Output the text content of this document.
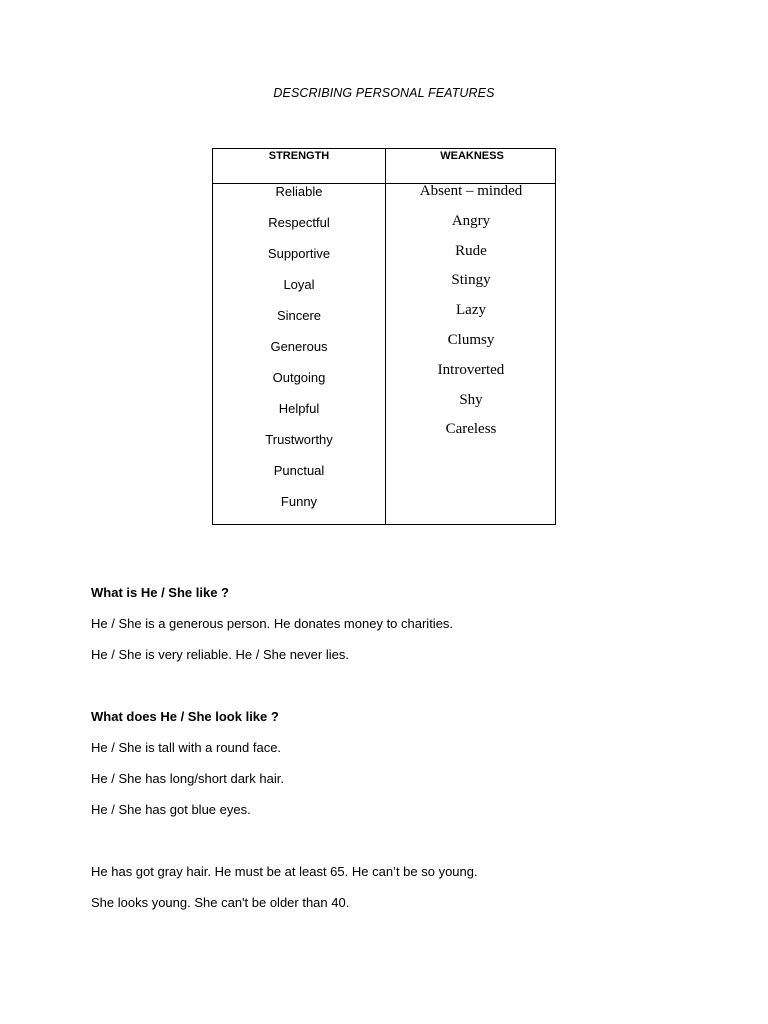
DESCRIBING PERSONAL FEATURES
STRENGTH	WEAKNESS
Reliable
Respectful
Supportive
Loyal
Sincere
Generous
Outgoing
Helpful
Trustworthy
Punctual
Funny
Absent – minded
Angry
Rude
Stingy
Lazy
Clumsy
Introverted
Shy
Careless
What is He / She like ?
He / She is a generous person. He donates money to charities.
He / She is very reliable. He / She never lies.
What does He / She look like ?
He / She is tall with a round face.
He / She has long/short dark hair.
He / She has got blue eyes.
He has got gray hair. He must be at least 65. He can’t be so young.
She looks young. She can't be older than 40.
